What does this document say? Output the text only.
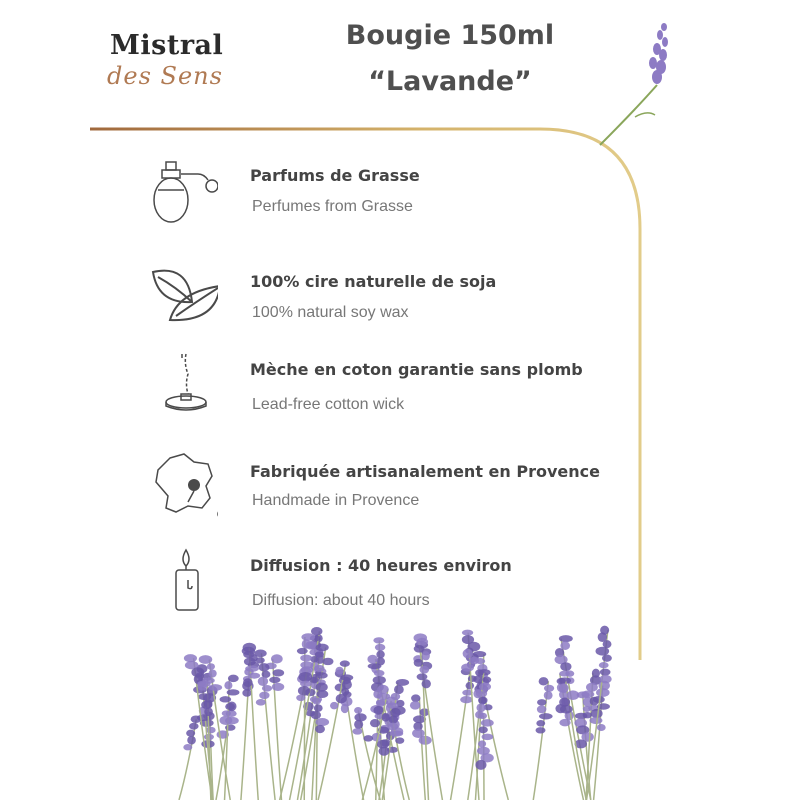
Mistral
des Sens
Bougie 150ml
“Lavande”
Parfums de Grasse
Perfumes from Grasse
100% cire naturelle de soja
100% natural soy wax
Mèche en coton garantie sans plomb
Lead-free cotton wick
Fabriquée artisanalement en Provence
Handmade in Provence
Diffusion : 40 heures environ
Diffusion: about 40 hours
